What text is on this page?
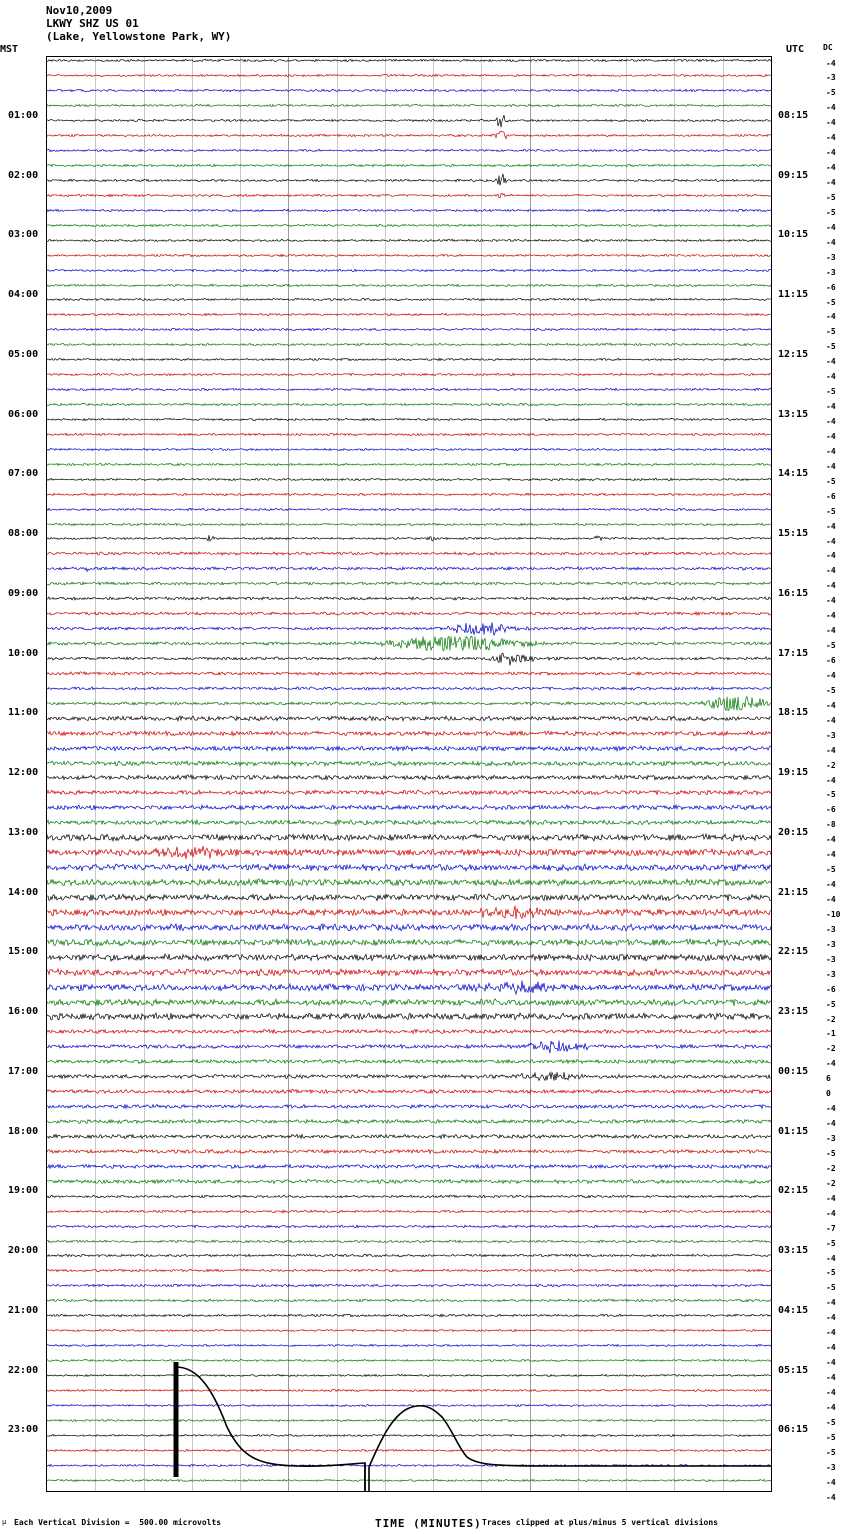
Nov10,2009
LKWY SHZ US 01
(Lake, Yellowstone Park, WY)
MST	UTC DC
01:00	08:15
02:00	09:15
03:00	10:15
04:00	11:15
05:00	12:15
06:00	13:15
07:00	14:15
08:00	15:15
09:00	16:15
10:00	17:15
11:00	18:15
12:00	19:15
13:00	20:15
14:00	21:15
15:00	22:15
16:00	23:15
17:00	00:15
18:00	01:15
19:00	02:15
20:00	03:15
21:00	04:15
22:00	05:15
23:00	06:15
-4
-3
-5
-4
-4
-4
-4
-4
-4
-5
-5
-4
-4
-3
-3
-6
-5
-4
-5
-5
-4
-4
-5
-4
-4
-4
-4
-4
-5
-6
-5
-4
-4
-4
-4
-4
-4
-4
-4
-5
-6
-4
-5
-4
-4
-3
-4
-2
-4
-5
-6
-8
-4
-4
-5
-4
-4
-10
-3
-3
-3
-3
-6
-5
-2
-1
-2
-4
6
0
-4
-4
-3
-5
-2
-2
-4
-4
-7
-5
-4
-5
-5
-4
-4
-4
-4
-4
-4
-4
-4
-5
-5
-5
-3
-4
-4
TIME (MINUTES)
Each Vertical Division =  500.00 microvolts
μ	Traces clipped at plus/minus 5 vertical divisions
